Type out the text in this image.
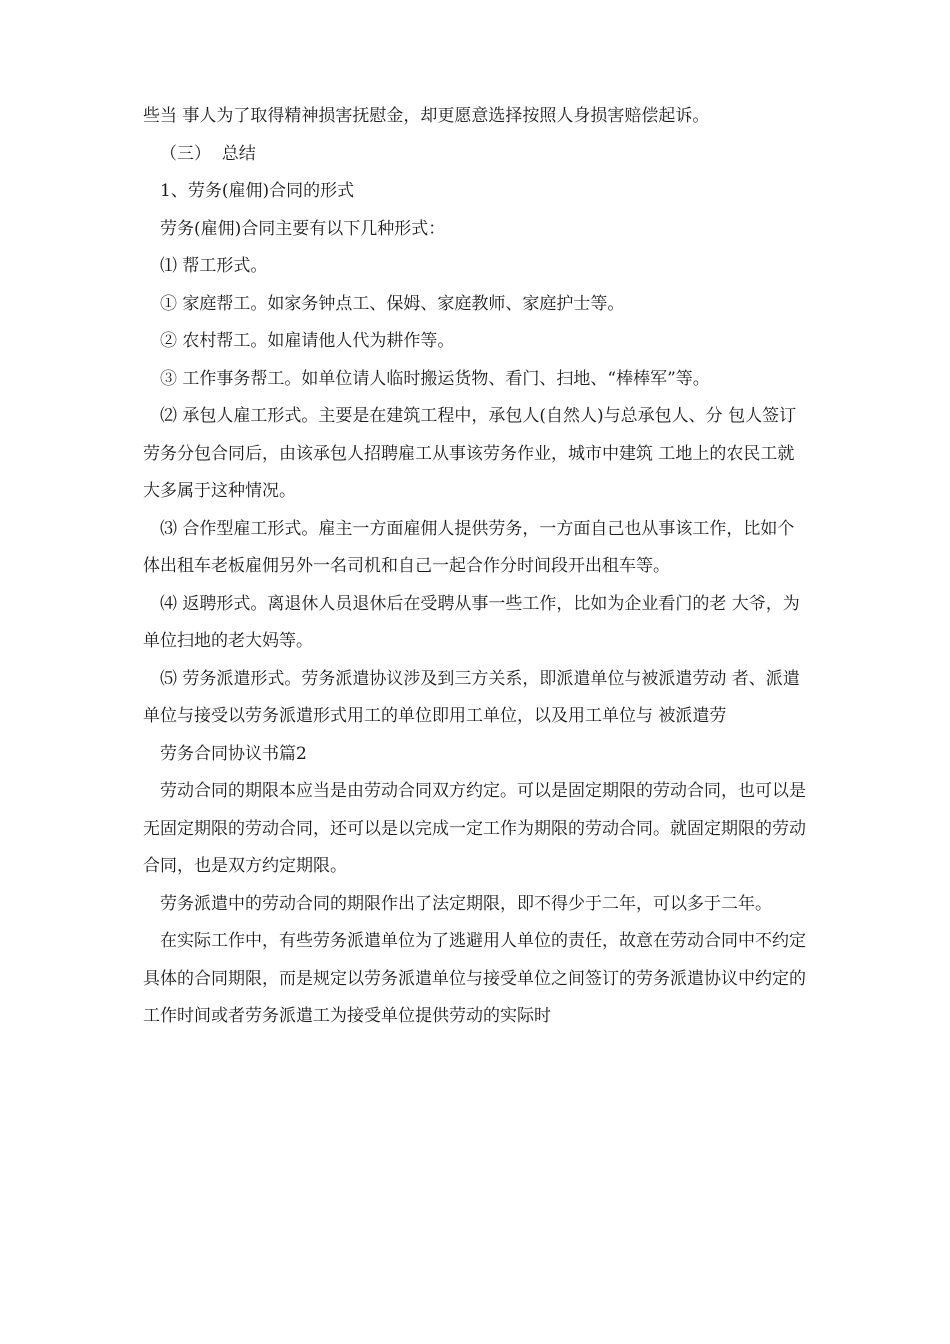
些当 事人为了取得精神损害抚慰金，却更愿意选择按照人身损害赔偿起诉。

（三）  总结

1、劳务(雇佣)合同的形式

劳务(雇佣)合同主要有以下几种形式：

⑴ 帮工形式。

① 家庭帮工。如家务钟点工、保姆、家庭教师、家庭护士等。

② 农村帮工。如雇请他人代为耕作等。

③ 工作事务帮工。如单位请人临时搬运货物、看门、扫地、“棒棒军”等。

⑵ 承包人雇工形式。主要是在建筑工程中，承包人(自然人)与总承包人、分 包人签订劳务分包合同后，由该承包人招聘雇工从事该劳务作业，城市中建筑 工地上的农民工就大多属于这种情况。

⑶ 合作型雇工形式。雇主一方面雇佣人提供劳务，一方面自己也从事该工作，比如个体出租车老板雇佣另外一名司机和自己一起合作分时间段开出租车等。

⑷ 返聘形式。离退休人员退休后在受聘从事一些工作，比如为企业看门的老 大爷，为单位扫地的老大妈等。

⑸ 劳务派遣形式。劳务派遣协议涉及到三方关系，即派遣单位与被派遣劳动 者、派遣单位与接受以劳务派遣形式用工的单位即用工单位，以及用工单位与 被派遣劳

劳务合同协议书篇2

劳动合同的期限本应当是由劳动合同双方约定。可以是固定期限的劳动合同，也可以是无固定期限的劳动合同，还可以是以完成一定工作为期限的劳动合同。就固定期限的劳动合同，也是双方约定期限。

劳务派遣中的劳动合同的期限作出了法定期限，即不得少于二年，可以多于二年。

在实际工作中，有些劳务派遣单位为了逃避用人单位的责任，故意在劳动合同中不约定具体的合同期限，而是规定以劳务派遣单位与接受单位之间签订的劳务派遣协议中约定的工作时间或者劳务派遣工为接受单位提供劳动的实际时
